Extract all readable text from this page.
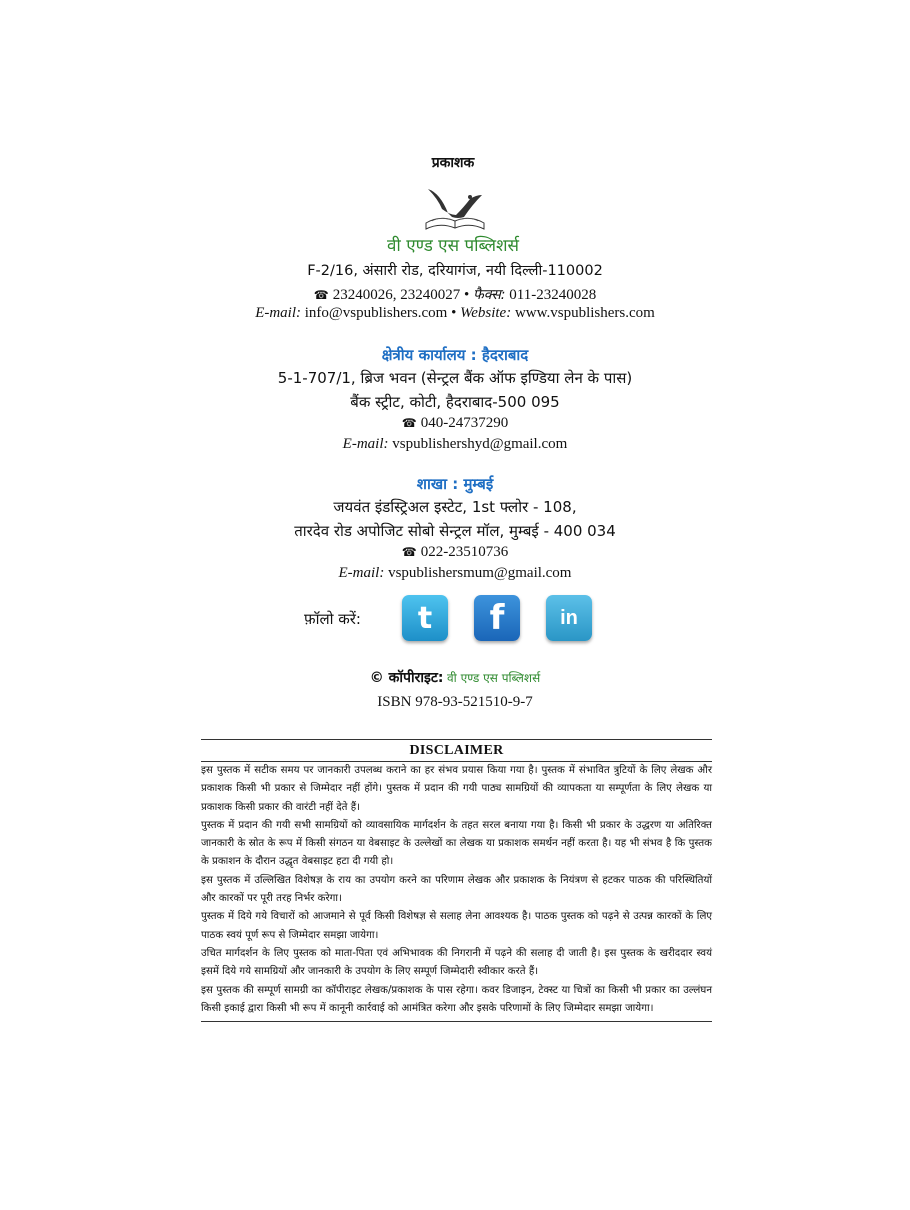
प्रकाशक
वी एण्ड एस पब्लिशर्स
F-2/16, अंसारी रोड, दरियागंज, नयी दिल्ली-110002
☎ 23240026, 23240027 • फैक्स: 011-23240028
E-mail: info@vspublishers.com • Website: www.vspublishers.com
क्षेत्रीय कार्यालय : हैदराबाद
5-1-707/1, ब्रिज भवन (सेन्ट्रल बैंक ऑफ इण्डिया लेन के पास)
बैंक स्ट्रीट, कोटी, हैदराबाद-500 095
☎ 040-24737290
E-mail: vspublishershyd@gmail.com
शाखा : मुम्बई
जयवंत इंडस्ट्रिअल इस्टेट, 1st फ्लोर - 108,
तारदेव रोड अपोजिट सोबो सेन्ट्रल मॉल, मुम्बई - 400 034
☎ 022-23510736
E-mail: vspublishersmum@gmail.com
फ़ॉलो करें: t f	in
© कॉपीराइट: वी एण्ड एस पब्लिशर्स
ISBN 978-93-521510-9-7
DISCLAIMER

इस पुस्तक में सटीक समय पर जानकारी उपलब्ध कराने का हर संभव प्रयास किया गया है। पुस्तक में संभावित त्रुटियों के लिए लेखक और प्रकाशक किसी भी प्रकार से जिम्मेदार नहीं होंगे। पुस्तक में प्रदान की गयी पाठ्य सामग्रियों की व्यापकता या सम्पूर्णता के लिए लेखक या प्रकाशक किसी प्रकार की वारंटी नहीं देते हैं।

पुस्तक में प्रदान की गयी सभी सामग्रियों को व्यावसायिक मार्गदर्शन के तहत सरल बनाया गया है। किसी भी प्रकार के उद्धरण या अतिरिक्त जानकारी के स्रोत के रूप में किसी संगठन या वेबसाइट के उल्लेखों का लेखक या प्रकाशक समर्थन नहीं करता है। यह भी संभव है कि पुस्तक के प्रकाशन के दौरान उद्धृत वेबसाइट हटा दी गयी हो।

इस पुस्तक में उल्लिखित विशेषज्ञ के राय का उपयोग करने का परिणाम लेखक और प्रकाशक के नियंत्रण से हटकर पाठक की परिस्थितियों और कारकों पर पूरी तरह निर्भर करेगा।

पुस्तक में दिये गये विचारों को आजमाने से पूर्व किसी विशेषज्ञ से सलाह लेना आवश्यक है। पाठक पुस्तक को पढ़ने से उत्पन्न कारकों के लिए पाठक स्वयं पूर्ण रूप से जिम्मेदार समझा जायेगा।

उचित मार्गदर्शन के लिए पुस्तक को माता-पिता एवं अभिभावक की निगरानी में पढ़ने की सलाह दी जाती है। इस पुस्तक के खरीददार स्वयं इसमें दिये गये सामग्रियों और जानकारी के उपयोग के लिए सम्पूर्ण जिम्मेदारी स्वीकार करते हैं।

इस पुस्तक की सम्पूर्ण सामग्री का कॉपीराइट लेखक/प्रकाशक के पास रहेगा। कवर डिजाइन, टेक्स्ट या चित्रों का किसी भी प्रकार का उल्लंघन किसी इकाई द्वारा किसी भी रूप में कानूनी कार्रवाई को आमंत्रित करेगा और इसके परिणामों के लिए जिम्मेदार समझा जायेगा।
